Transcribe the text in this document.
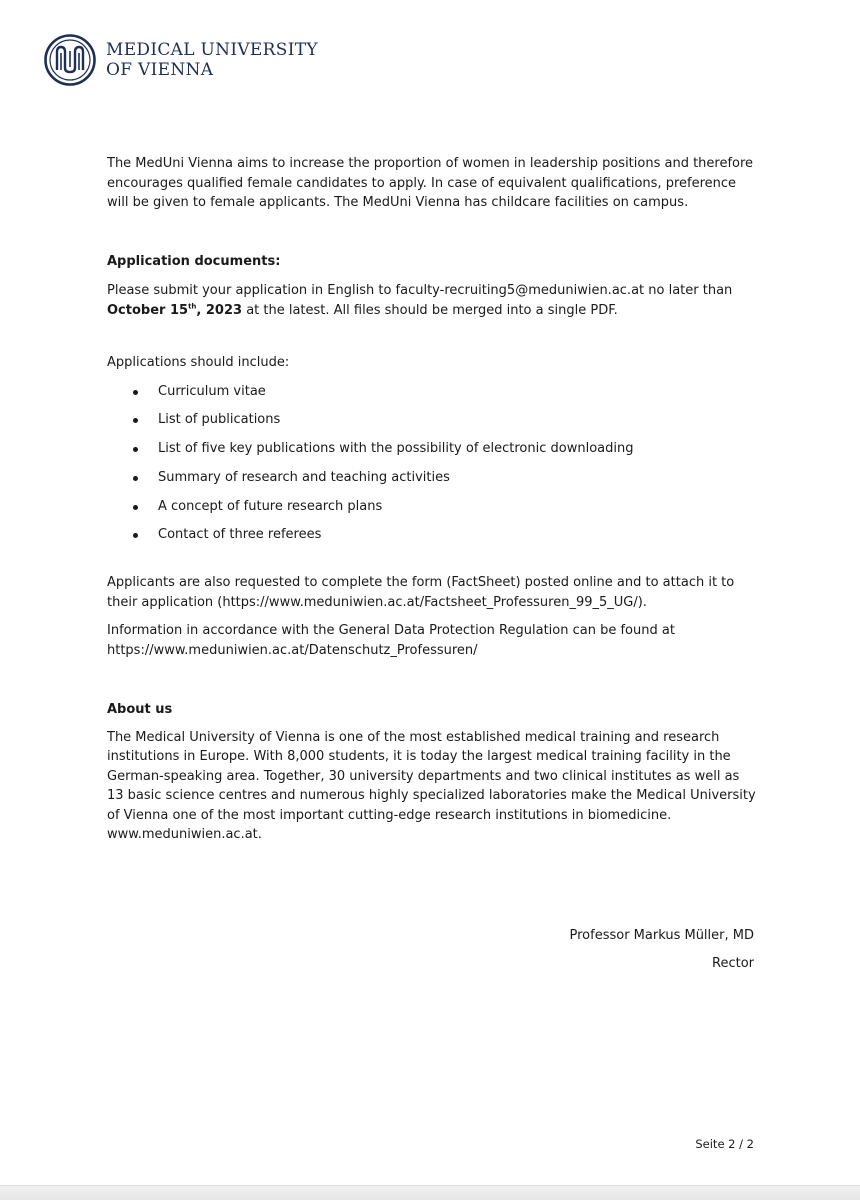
MEDICAL UNIVERSITY
OF VIENNA

The MedUni Vienna aims to increase the proportion of women in leadership positions and therefore encourages qualified female candidates to apply. In case of equivalent qualifications, preference will be given to female applicants. The MedUni Vienna has childcare facilities on campus.

Application documents:

Please submit your application in English to faculty-recruiting5@meduniwien.ac.at no later than
October 15th, 2023 at the latest. All files should be merged into a single PDF.

Applications should include:

Curriculum vitae
List of publications
List of five key publications with the possibility of electronic downloading
Summary of research and teaching activities
A concept of future research plans
Contact of three referees

Applicants are also requested to complete the form (FactSheet) posted online and to attach it to their application (https://www.meduniwien.ac.at/Factsheet_Professuren_99_5_UG/).

Information in accordance with the General Data Protection Regulation can be found at
https://www.meduniwien.ac.at/Datenschutz_Professuren/

About us

The Medical University of Vienna is one of the most established medical training and research institutions in Europe. With 8,000 students, it is today the largest medical training facility in the German-speaking area. Together, 30 university departments and two clinical institutes as well as 13 basic science centres and numerous highly specialized laboratories make the Medical University of Vienna one of the most important cutting-edge research institutions in biomedicine. www.meduniwien.ac.at.

Professor Markus Müller, MD
Rector
Seite 2 / 2
